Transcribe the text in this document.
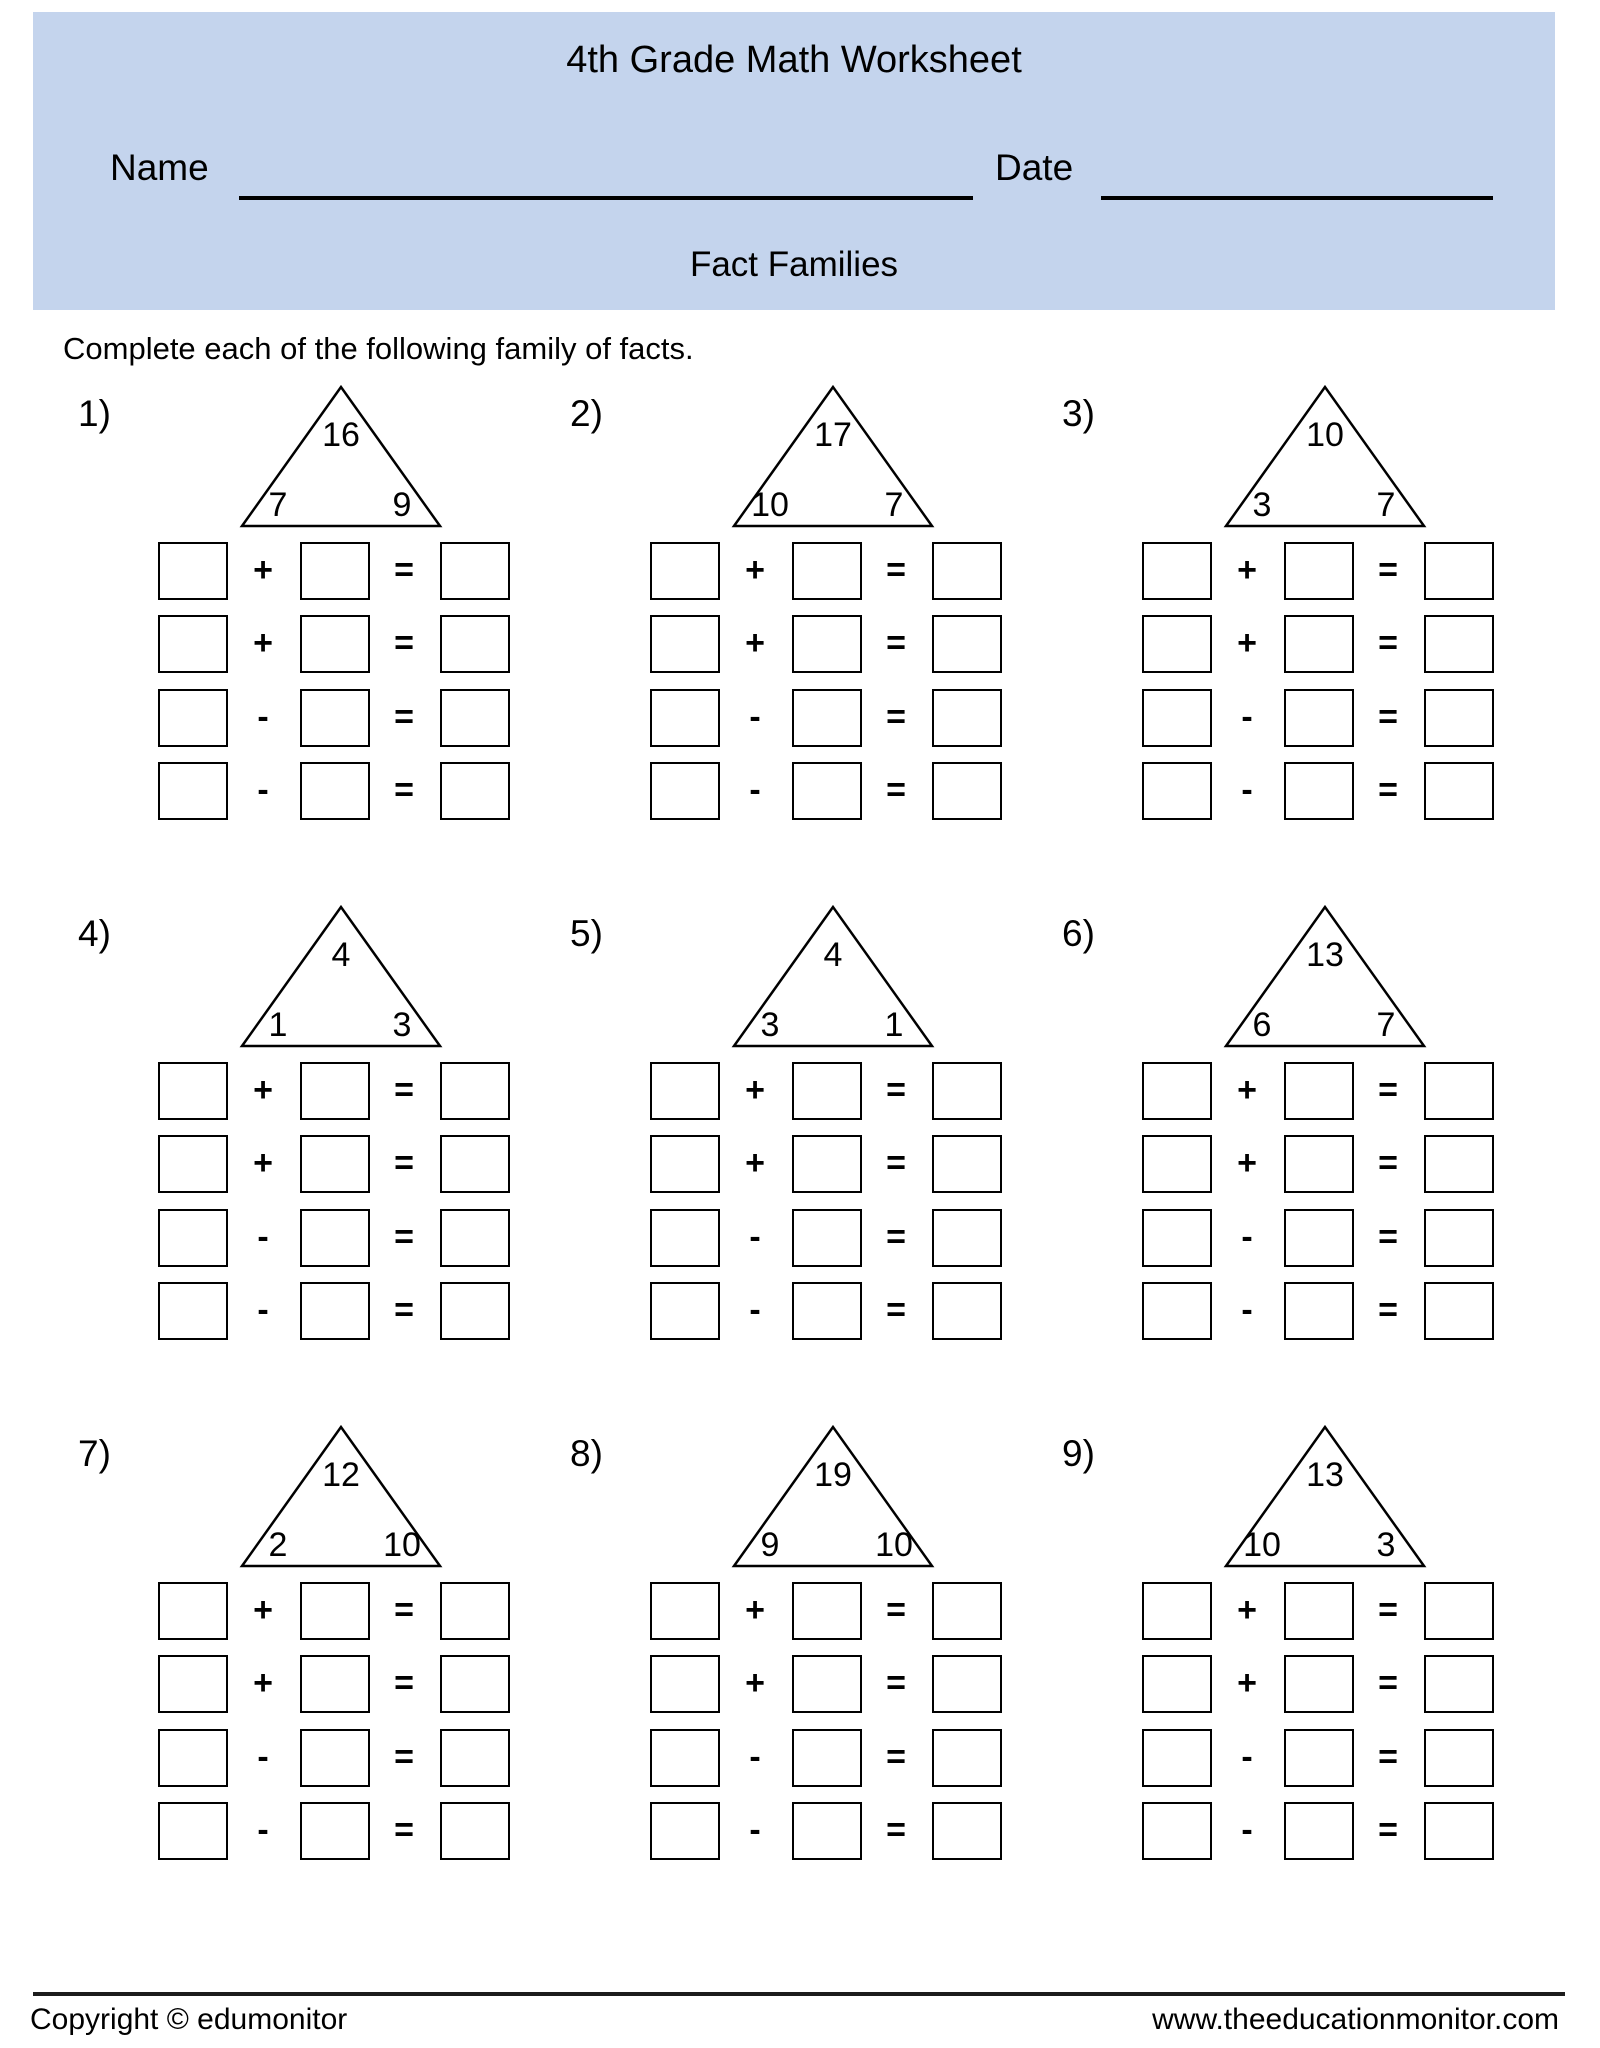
4th Grade Math Worksheet
Name	Date
Fact Families
Complete each of the following family of facts.
1)
16
7	9
+	=
+	=
-	=
-	=
2)
17
10	7
+	=
+	=
-	=
-	=
3)
10
3	7
+	=
+	=
-	=
-	=
4)
4
1	3
+	=
+	=
-	=
-	=
5)
4
3	1
+	=
+	=
-	=
-	=
6)
13
6	7
+	=
+	=
-	=
-	=
7)
12
2	10
+	=
+	=
-	=
-	=
8)
19
9	10
+	=
+	=
-	=
-	=
9)
13
10	3
+	=
+	=
-	=
-	=
Copyright © edumonitor	www.theeducationmonitor.com
